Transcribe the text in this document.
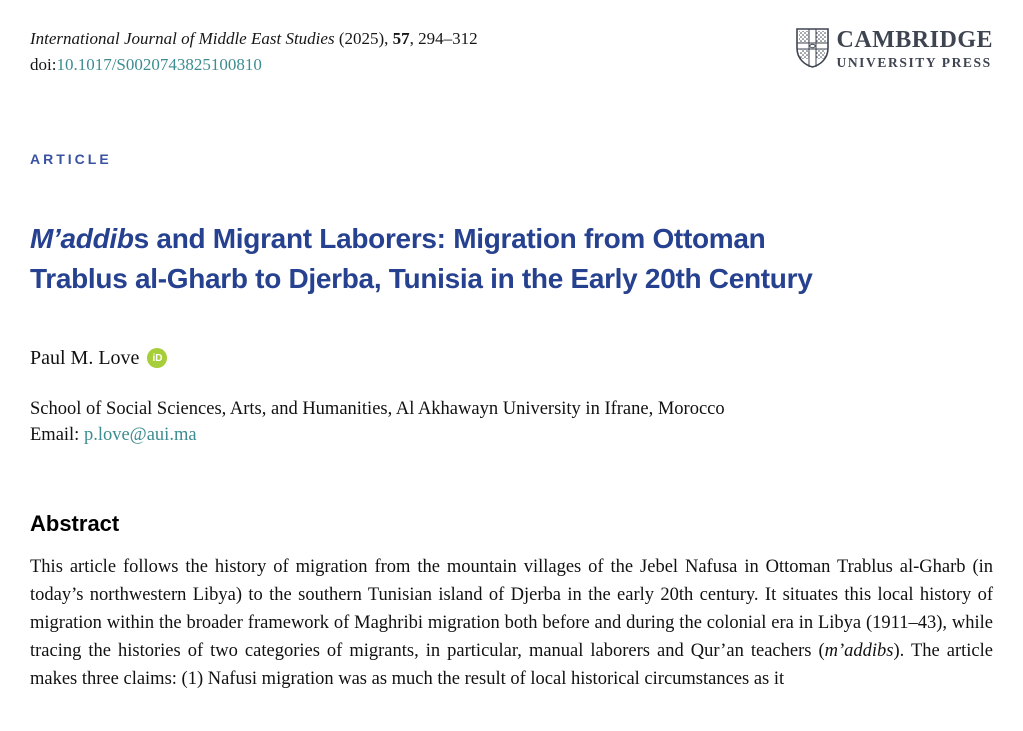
International Journal of Middle East Studies (2025), 57, 294–312
doi:10.1017/S0020743825100810
CAMBRIDGE
UNIVERSITY PRESS
ARTICLE
M’addibs and Migrant Laborers: Migration from Ottoman
Trablus al-Gharb to Djerba, Tunisia in the Early 20th Century
Paul M. Love	iD
School of Social Sciences, Arts, and Humanities, Al Akhawayn University in Ifrane, Morocco
Email: p.love@aui.ma
Abstract

This article follows the history of migration from the mountain villages of the Jebel Nafusa in Ottoman Trablus al-Gharb (in today’s northwestern Libya) to the southern Tunisian island of Djerba in the early 20th century. It situates this local history of migration within the broader framework of Maghribi migration both before and during the colonial era in Libya (1911–43), while tracing the histories of two categories of migrants, in particular, manual laborers and Qur’an teachers (m’addibs). The article makes three claims: (1) Nafusi migration was as much the result of local historical circumstances as it
